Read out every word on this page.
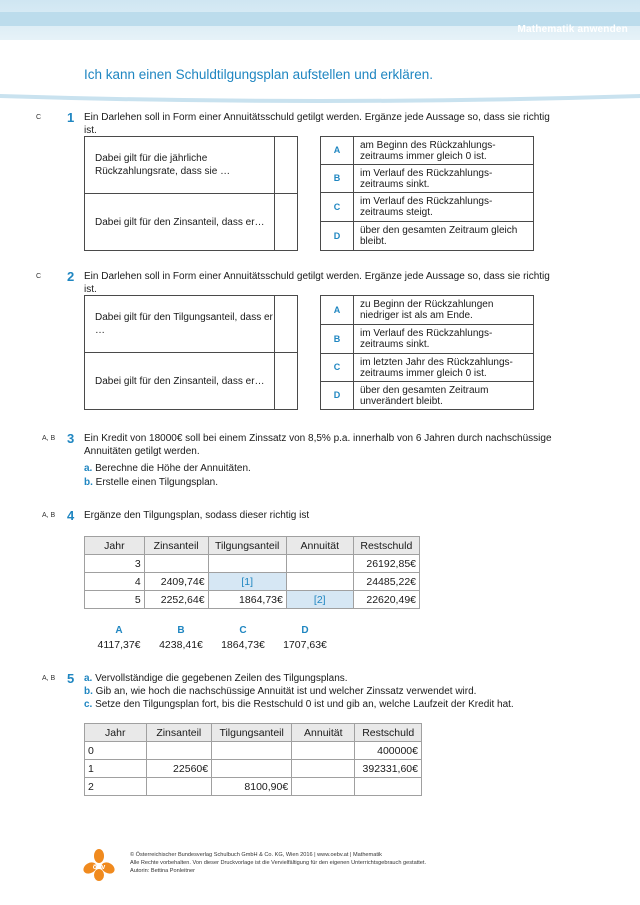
Mathematik anwenden
Ich kann einen Schuldtilgungsplan aufstellen und erklären.
C 1 Ein Darlehen soll in Form einer Annuitätsschuld getilgt werden. Ergänze jede Aussage so, dass sie richtig ist.
Dabei gilt für die jährliche Rückzahlungsrate, dass sie …	
Dabei gilt für den Zinsanteil, dass er…	
A	am Beginn des Rückzahlungs-zeitraums immer gleich 0 ist.
B	im Verlauf des Rückzahlungs-zeitraums sinkt.
C	im Verlauf des Rückzahlungs-zeitraums steigt.
D	über den gesamten Zeitraum gleich bleibt.
C 2 Ein Darlehen soll in Form einer Annuitätsschuld getilgt werden. Ergänze jede Aussage so, dass sie richtig ist.
Dabei gilt für den Tilgungsanteil, dass er …	
Dabei gilt für den Zinsanteil, dass er…	
A	zu Beginn der Rückzahlungen niedriger ist als am Ende.
B	im Verlauf des Rückzahlungs-zeitraums sinkt.
C	im letzten Jahr des Rückzahlungs-zeitraums immer gleich 0 ist.
D	über den gesamten Zeitraum unverändert bleibt.
A, B 3 Ein Kredit von 18000€ soll bei einem Zinssatz von 8,5% p.a. innerhalb von 6 Jahren durch nachschüssige Annuitäten getilgt werden.
a. Berechne die Höhe der Annuitäten.
b. Erstelle einen Tilgungsplan.
A, B 4 Ergänze den Tilgungsplan, sodass dieser richtig ist
Jahr	Zinsanteil	Tilgungsanteil	Annuität	Restschuld
3				26192,85€
4	2409,74€	[1]		24485,22€
5	2252,64€	1864,73€	[2]	22620,49€
A	B	C	D
4117,37€	4238,41€	1864,73€	1707,63€
A, B 5 a. Vervollständige die gegebenen Zeilen des Tilgungsplans.
b. Gib an, wie hoch die nachschüssige Annuität ist und welcher Zinssatz verwendet wird.
c. Setze den Tilgungsplan fort, bis die Restschuld 0 ist und gib an, welche Laufzeit der Kredit hat.
Jahr	Zinsanteil	Tilgungsanteil	Annuität	Restschuld
0				400000€
1	22560€			392331,60€
2		8100,90€		
öbv
© Österreichischer Bundesverlag Schulbuch GmbH & Co. KG, Wien 2016 | www.oebv.at | Mathematik
Alle Rechte vorbehalten. Von dieser Druckvorlage ist die Vervielfältigung für den eigenen Unterrichtsgebrauch gestattet.
Autorin: Bettina Ponleitner
